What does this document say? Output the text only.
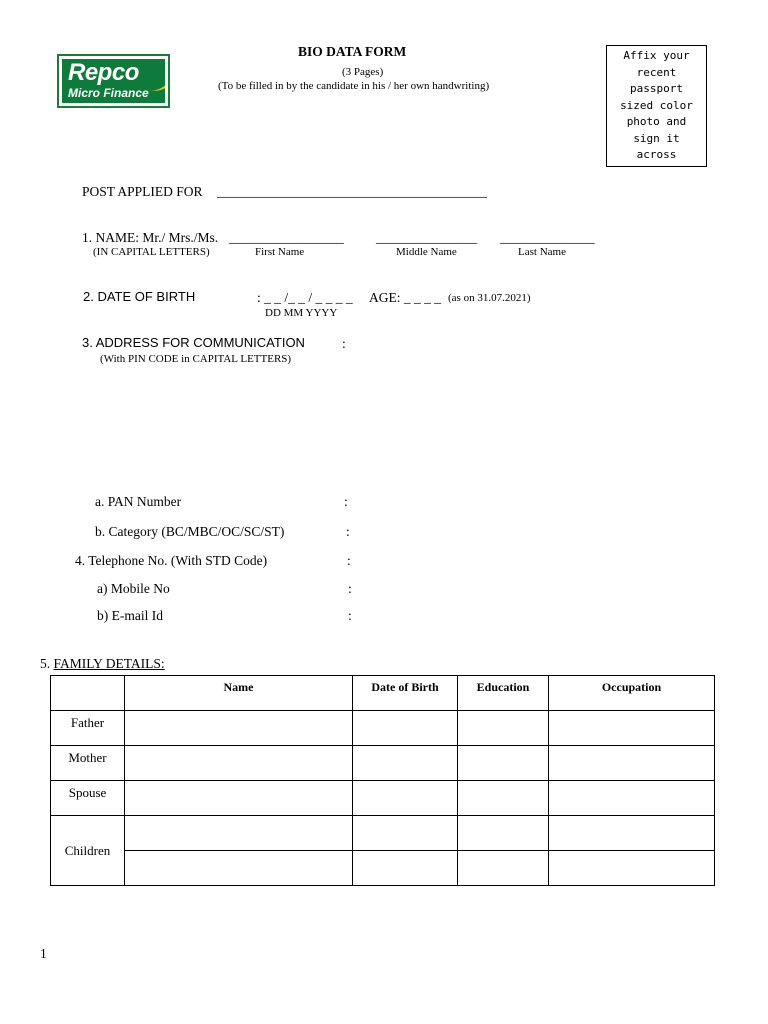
Repco
Micro Finance
BIO DATA FORM
(3 Pages)
(To be filled in by the candidate in his / her own handwriting)
Affix your
recent
passport
sized color
photo and
sign it
across
POST APPLIED FOR ________________________________________
1. NAME: Mr./ Mrs./Ms. _________________ _______________ ______________
(IN CAPITAL LETTERS)	First Name	Middle Name	Last Name
2. DATE OF BIRTH	: _ _ /_ _ / _ _ _ _ AGE: _ _ _ _ (as on 31.07.2021)
DD MM YYYY
3. ADDRESS FOR COMMUNICATION	:
(With PIN CODE in CAPITAL LETTERS)
a. PAN Number	:
b. Category (BC/MBC/OC/SC/ST)	:
4. Telephone No. (With STD Code)	:
a) Mobile No	:
b) E-mail Id	:
5. FAMILY DETAILS:
	Name	Date of Birth	Education	Occupation
Father				
Mother				
Spouse				
Children				

1
